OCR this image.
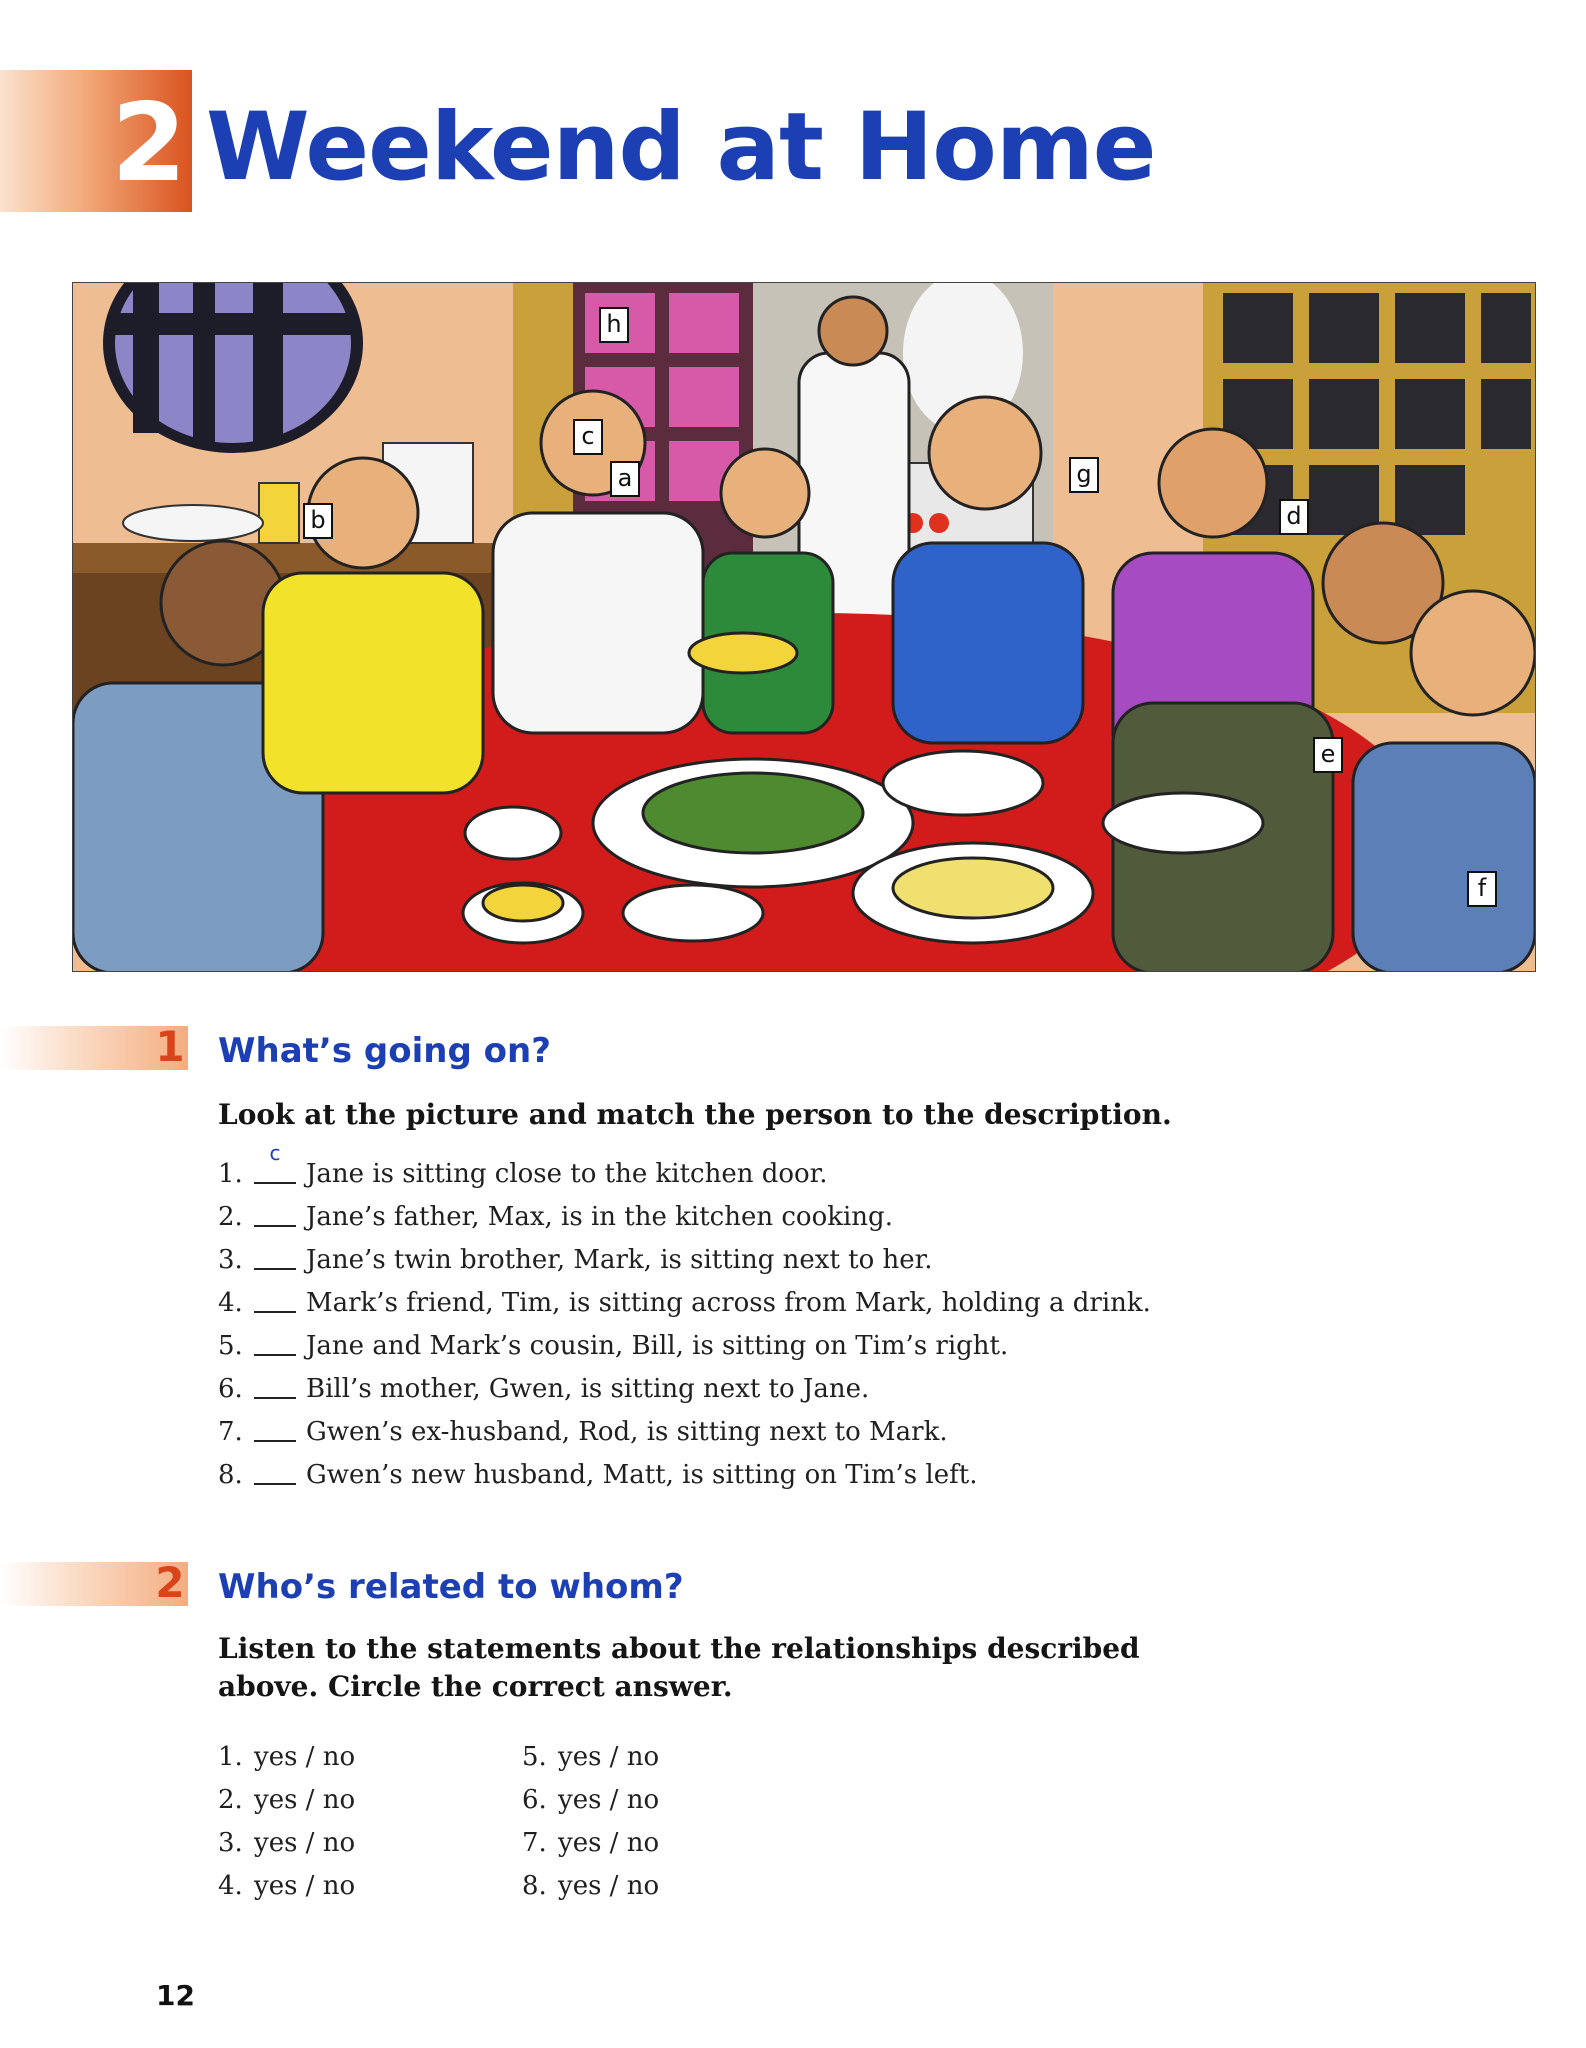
2 Weekend at Home
h
c
a
b
g
d
e
f
1 What’s going on?
Look at the picture and match the person to the description.
1.
c
Jane is sitting close to the kitchen door.
2. Jane’s father, Max, is in the kitchen cooking.
3. Jane’s twin brother, Mark, is sitting next to her.
4. Mark’s friend, Tim, is sitting across from Mark, holding a drink.
5. Jane and Mark’s cousin, Bill, is sitting on Tim’s right.
6. Bill’s mother, Gwen, is sitting next to Jane.
7. Gwen’s ex-husband, Rod, is sitting next to Mark.
8. Gwen’s new husband, Matt, is sitting on Tim’s left.
2 Who’s related to whom?
Listen to the statements about the relationships described above. Circle the correct answer.
1. yes / no
2. yes / no
3. yes / no
4. yes / no
5. yes / no
6. yes / no
7. yes / no
8. yes / no
12
